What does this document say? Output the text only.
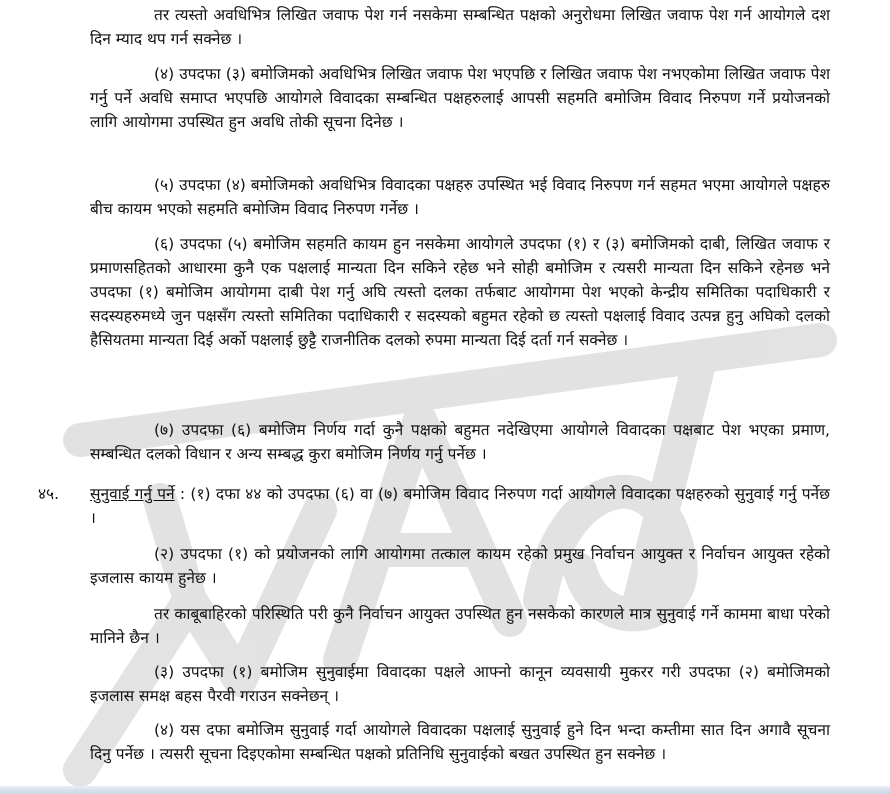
तर त्यस्तो अवधिभित्र लिखित जवाफ पेश गर्न नसकेमा सम्बन्धित पक्षको अनुरोधमा लिखित जवाफ पेश गर्न आयोगले दश दिन म्याद थप गर्न सक्नेछ ।
(४) उपदफा (३) बमोजिमको अवधिभित्र लिखित जवाफ पेश भएपछि र लिखित जवाफ पेश नभएकोमा लिखित जवाफ पेश गर्नु पर्ने अवधि समाप्त भएपछि आयोगले विवादका सम्बन्धित पक्षहरुलाई आपसी सहमति बमोजिम विवाद निरुपण गर्ने प्रयोजनको लागि आयोगमा उपस्थित हुन अवधि तोकी सूचना दिनेछ ।
(५) उपदफा (४) बमोजिमको अवधिभित्र विवादका पक्षहरु उपस्थित भई विवाद निरुपण गर्न सहमत भएमा आयोगले पक्षहरु बीच कायम भएको सहमति बमोजिम विवाद निरुपण गर्नेछ ।
(६) उपदफा (५) बमोजिम सहमति कायम हुन नसकेमा आयोगले उपदफा (१) र (३) बमोजिमको दाबी, लिखित जवाफ र प्रमाणसहितको आधारमा कुनै एक पक्षलाई मान्यता दिन सकिने रहेछ भने सोही बमोजिम र त्यसरी मान्यता दिन सकिने रहेनछ भने उपदफा (१) बमोजिम आयोगमा दाबी पेश गर्नु अघि त्यस्तो दलका तर्फबाट आयोगमा पेश भएको केन्द्रीय समितिका पदाधिकारी र सदस्यहरुमध्ये जुन पक्षसँग त्यस्तो समितिका पदाधिकारी र सदस्यको बहुमत रहेको छ त्यस्तो पक्षलाई विवाद उत्पन्न हुनु अघिको दलको हैसियतमा मान्यता दिई अर्को पक्षलाई छुट्टै राजनीतिक दलको रुपमा मान्यता दिई दर्ता गर्न सक्नेछ ।
(७) उपदफा (६) बमोजिम निर्णय गर्दा कुनै पक्षको बहुमत नदेखिएमा आयोगले विवादका पक्षबाट पेश भएका प्रमाण, सम्बन्धित दलको विधान र अन्य सम्बद्ध कुरा बमोजिम निर्णय गर्नु पर्नेछ ।
४५. सुनुवाई गर्नु पर्ने : (१) दफा ४४ को उपदफा (६) वा (७) बमोजिम विवाद निरुपण गर्दा आयोगले विवादका पक्षहरुको सुनुवाई गर्नु पर्नेछ ।
(२) उपदफा (१) को प्रयोजनको लागि आयोगमा तत्काल कायम रहेको प्रमुख निर्वाचन आयुक्त र निर्वाचन आयुक्त रहेको इजलास कायम हुनेछ ।
तर काबूबाहिरको परिस्थिति परी कुनै निर्वाचन आयुक्त उपस्थित हुन नसकेको कारणले मात्र सुनुवाई गर्ने काममा बाधा परेको मानिने छैन ।
(३) उपदफा (१) बमोजिम सुनुवाईमा विवादका पक्षले आफ्नो कानून व्यवसायी मुकरर गरी उपदफा (२) बमोजिमको इजलास समक्ष बहस पैरवी गराउन सक्नेछन् ।
(४) यस दफा बमोजिम सुनुवाई गर्दा आयोगले विवादका पक्षलाई सुनुवाई हुने दिन भन्दा कम्तीमा सात दिन अगावै सूचना दिनु पर्नेछ । त्यसरी सूचना दिइएकोमा सम्बन्धित पक्षको प्रतिनिधि सुनुवाईको बखत उपस्थित हुन सक्नेछ ।
